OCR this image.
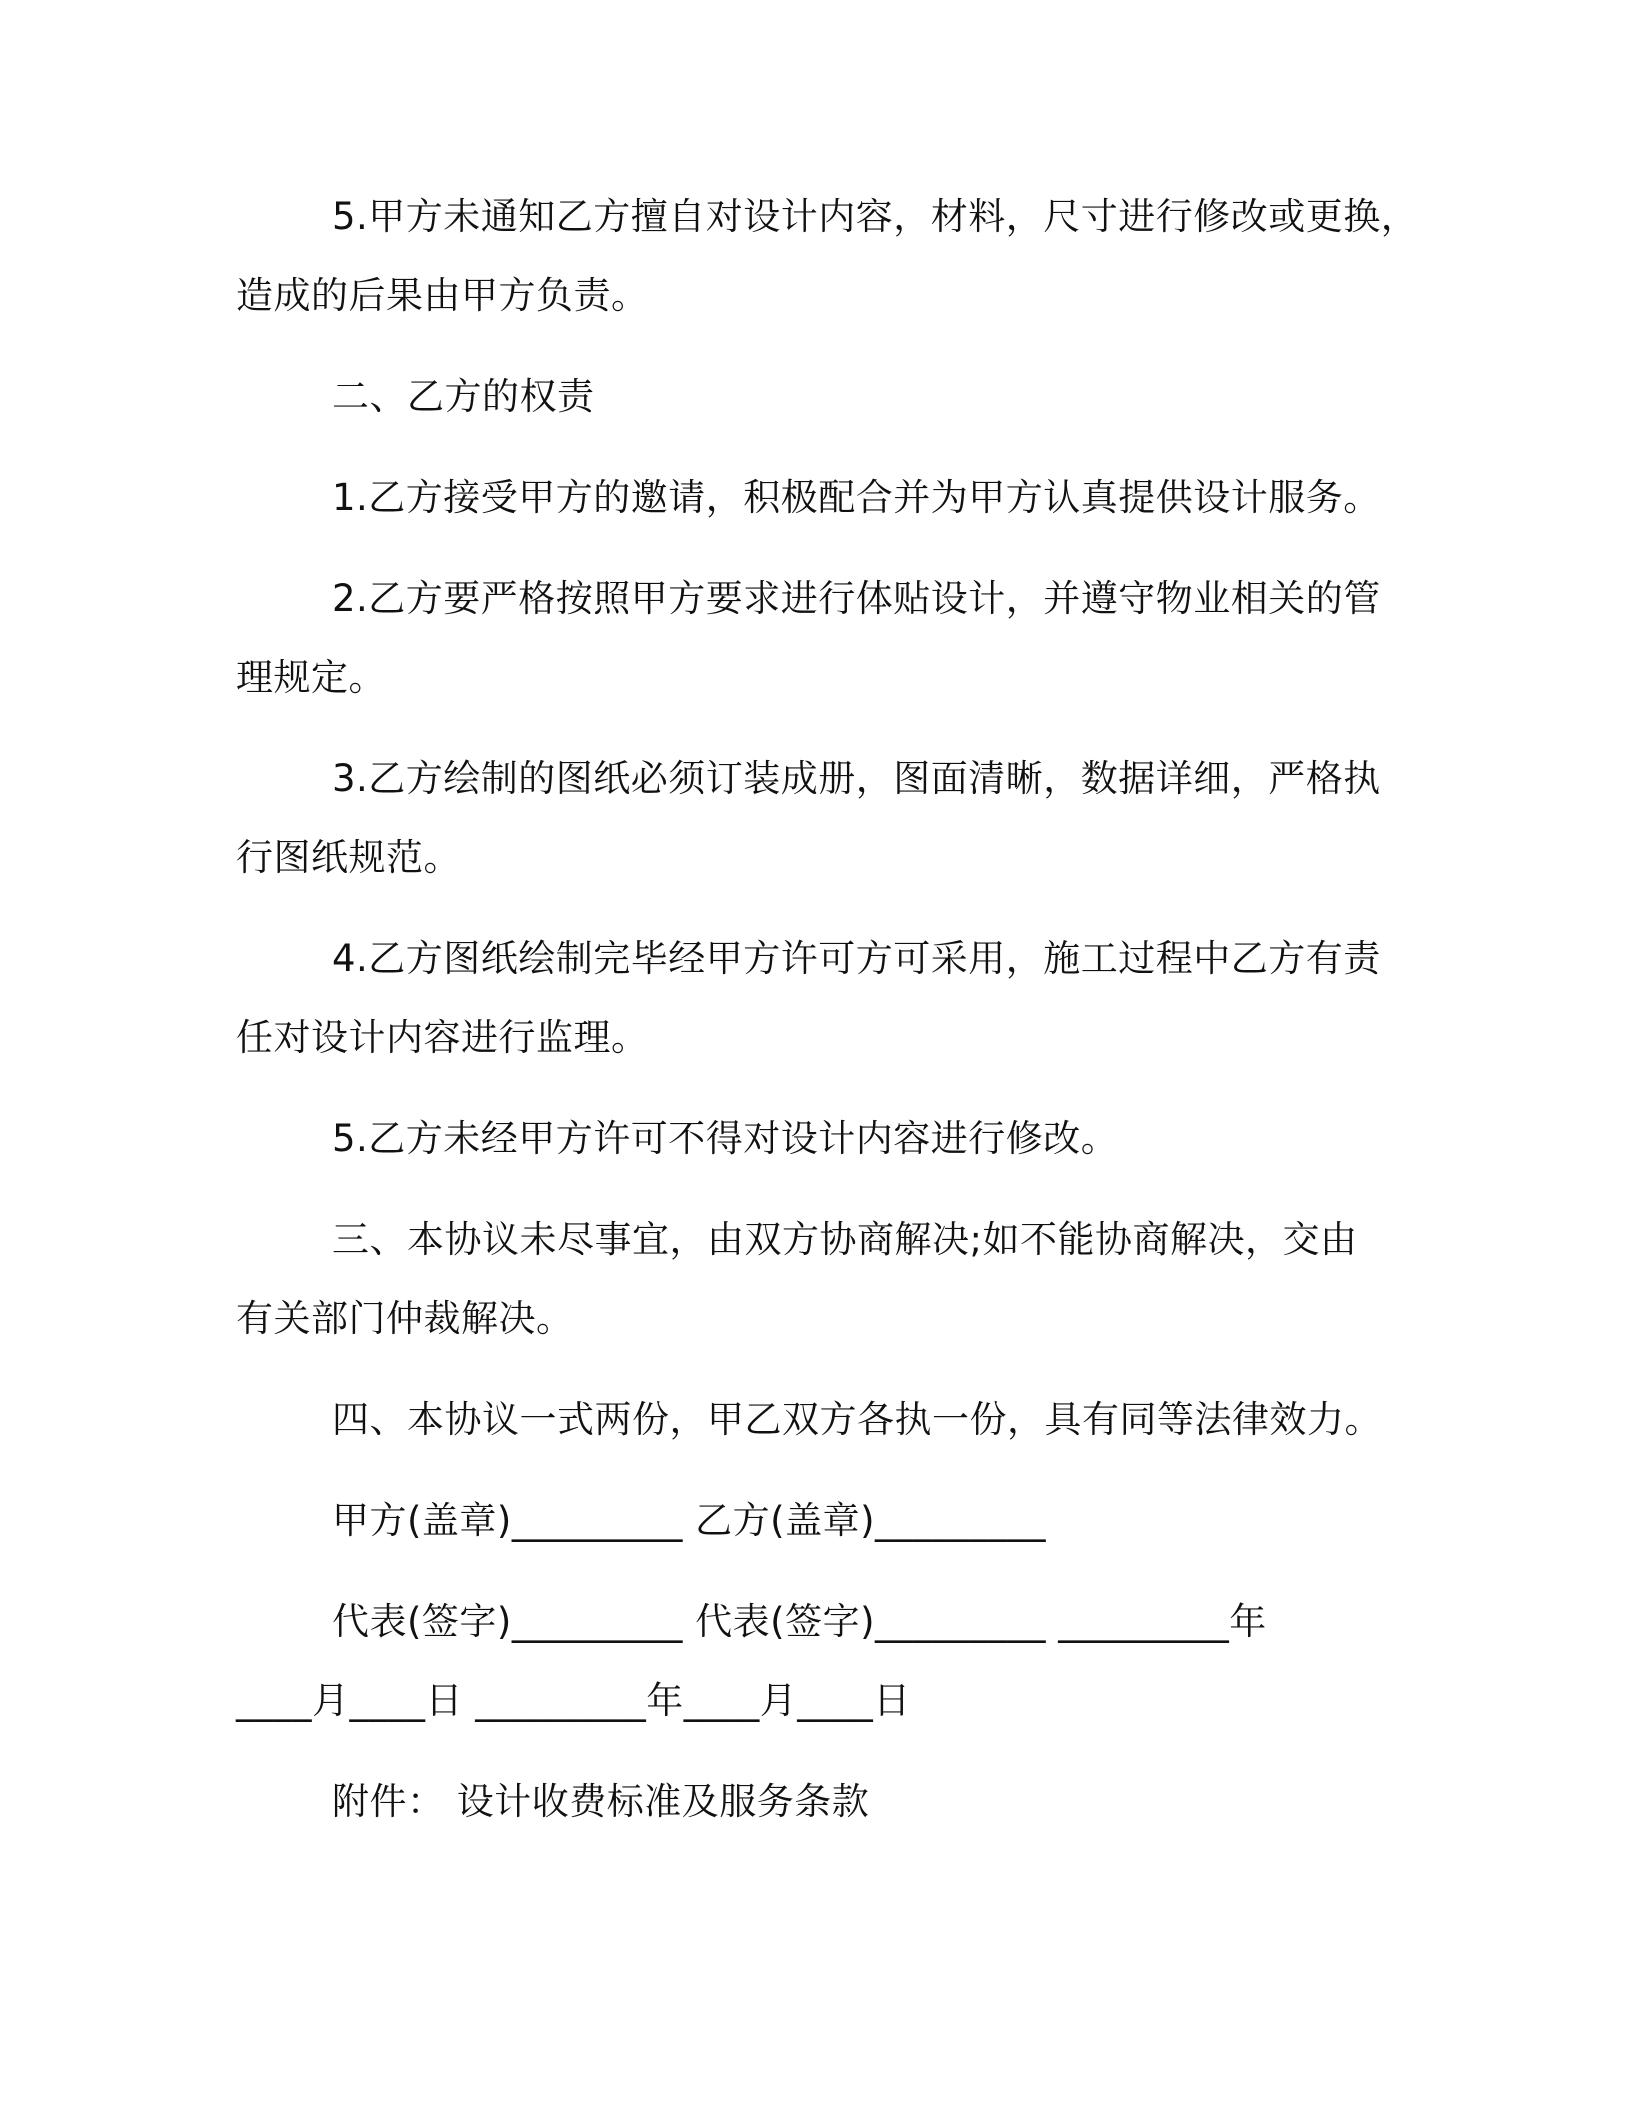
5.甲方未通知乙方擅自对设计内容，材料，尺寸进行修改或更换，
造成的后果由甲方负责。
二、乙方的权责
1.乙方接受甲方的邀请，积极配合并为甲方认真提供设计服务。
2.乙方要严格按照甲方要求进行体贴设计，并遵守物业相关的管
理规定。
3.乙方绘制的图纸必须订装成册，图面清晰，数据详细，严格执
行图纸规范。
4.乙方图纸绘制完毕经甲方许可方可采用，施工过程中乙方有责
任对设计内容进行监理。
5.乙方未经甲方许可不得对设计内容进行修改。
三、本协议未尽事宜，由双方协商解决;如不能协商解决，交由
有关部门仲裁解决。
四、本协议一式两份，甲乙双方各执一份，具有同等法律效力。
甲方(盖章)_________ 乙方(盖章)_________
代表(签字)_________ 代表(签字)_________ _________年
____月____日 _________年____月____日
附件： 设计收费标准及服务条款
